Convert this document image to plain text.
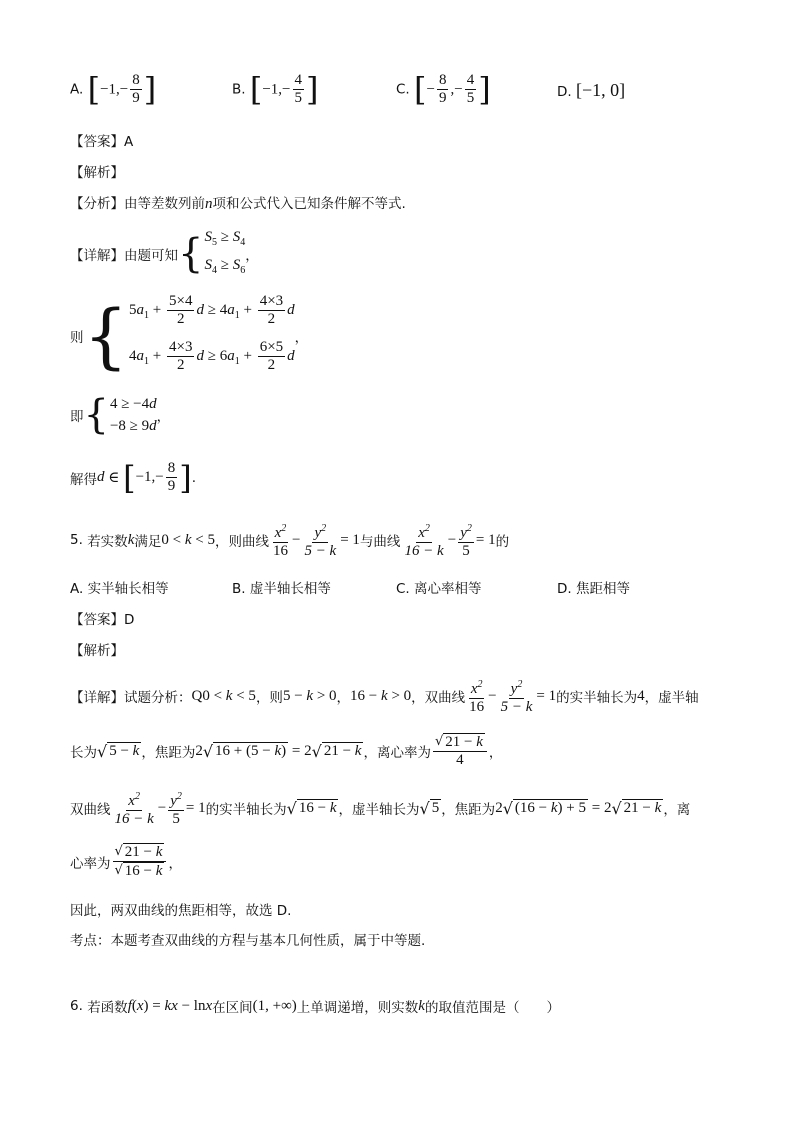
A. [$-1,- \frac{8}{9}$ ]	B. [$-1,- \frac{4}{5}$ ]	C. [− $\frac{8}{9}$ ,− $\frac{4}{5}$ ]	D. [−1, 0]
【答案】A
【解析】
【分析】由等差数列前n项和公式代入已知条件解不等式.
【详解】 由题可知 { $S_5 \ge S_4$
$S_4 \ge S_6$
，
则 { $5a_1 + \frac{5\times 4}{2}$ $d \ge 4a_1 + \frac{4\times 3}{2}$ d
$4a_1 + \frac{4\times 3}{2}$ $d \ge 6a_1 + \frac{6\times 5}{2}$ d
，
即 { 4 ≥ −4d
−8 ≥ 9d
，
解得 d ∈ [ $-1,- \frac{8}{9}$ ] .
5.
若实数 k 满足 0 < k < 5 ，则曲线 $\frac{x^2}{16} - \frac{y^2}{5 - k} = 1$ 与曲线 $\frac{x^2}{16 - k} - \frac{y^2}{5} = 1$ 的
A. 实半轴长相等	B. 虚半轴长相等	C. 离心率相等	D. 焦距相等
【答案】D
【解析】
【详解】 试题分析： Q0 < k < 5 ，则 5 − k > 0 ， 16 − k > 0 ，双曲线 $\frac{x^2}{16} - \frac{y^2}{5 - k} = 1$ 的实半轴长为 4 ，虚半轴
长为 √ 5 − k ，焦距为 2 √ 16 + (5 − k) = 2 √ 21 − k ，离心率为 $\frac{√ 21 - k}{4}$ ，
双曲线 $\frac{x^2}{16 - k} - \frac{y^2}{5} = 1$ 的实半轴长为 √ 16 − k ，虚半轴长为 √ 5 ，焦距为 2 √ (16 − k) + 5 = 2 √ 21 − k ，离
心率为 $\frac{√ 21 - k}{√ 16 - k}$ ，
因此，两双曲线的焦距相等，故选 D.
考点：本题考查双曲线的方程与基本几何性质，属于中等题.
6.
若函数 f(x) = kx − lnx 在区间 (1, +∞) 上单调递增，则实数 k 的取值范围是（　　）
